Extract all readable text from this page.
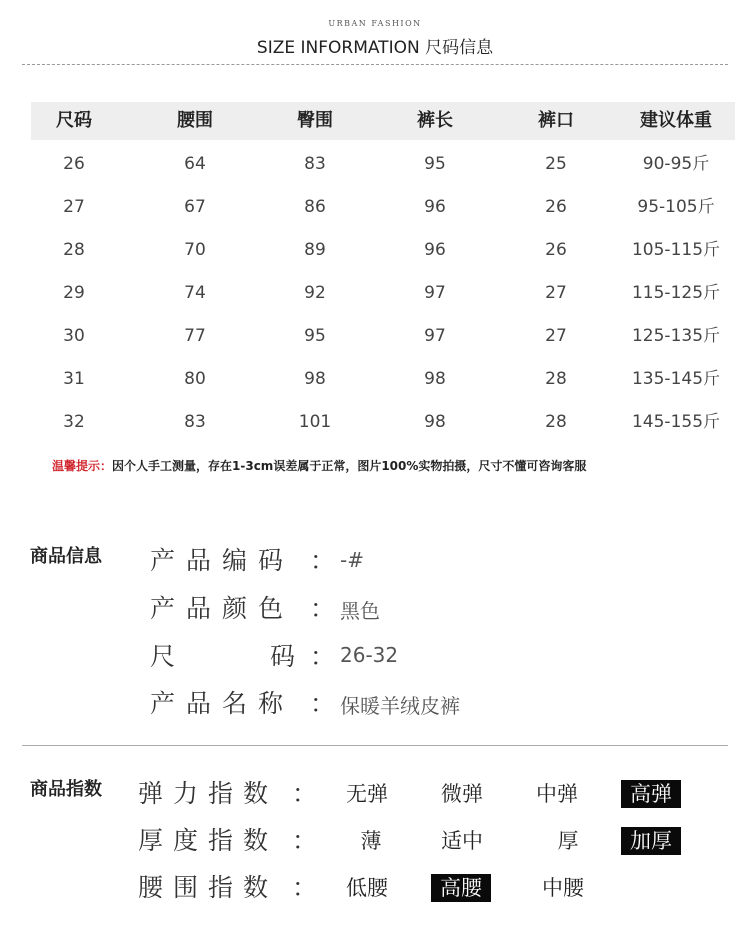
URBAN FASHION
SIZE INFORMATION 尺码信息
尺码	腰围	臀围	裤长	裤口	建议体重
26	64	83	95	25	90-95斤
27	67	86	96	26	95-105斤
28	70	89	96	26	105-115斤
29	74	92	97	27	115-125斤
30	77	95	97	27	125-135斤
31	80	98	98	28	135-145斤
32	83	101	98	28	145-155斤
温馨提示：因个人手工测量，存在1-3cm误差属于正常，图片100%实物拍摄，尺寸不懂可咨询客服
商品信息 产品编码 ： -#
产品颜色 ： 黑色
尺	码 ： 26-32
产品名称 ： 保暖羊绒皮裤
商品指数 弹力指数 ：	无弹	微弹	中弹	高弹
厚度指数 ：	薄	适中	厚	加厚
腰围指数 ：	低腰	高腰	中腰
